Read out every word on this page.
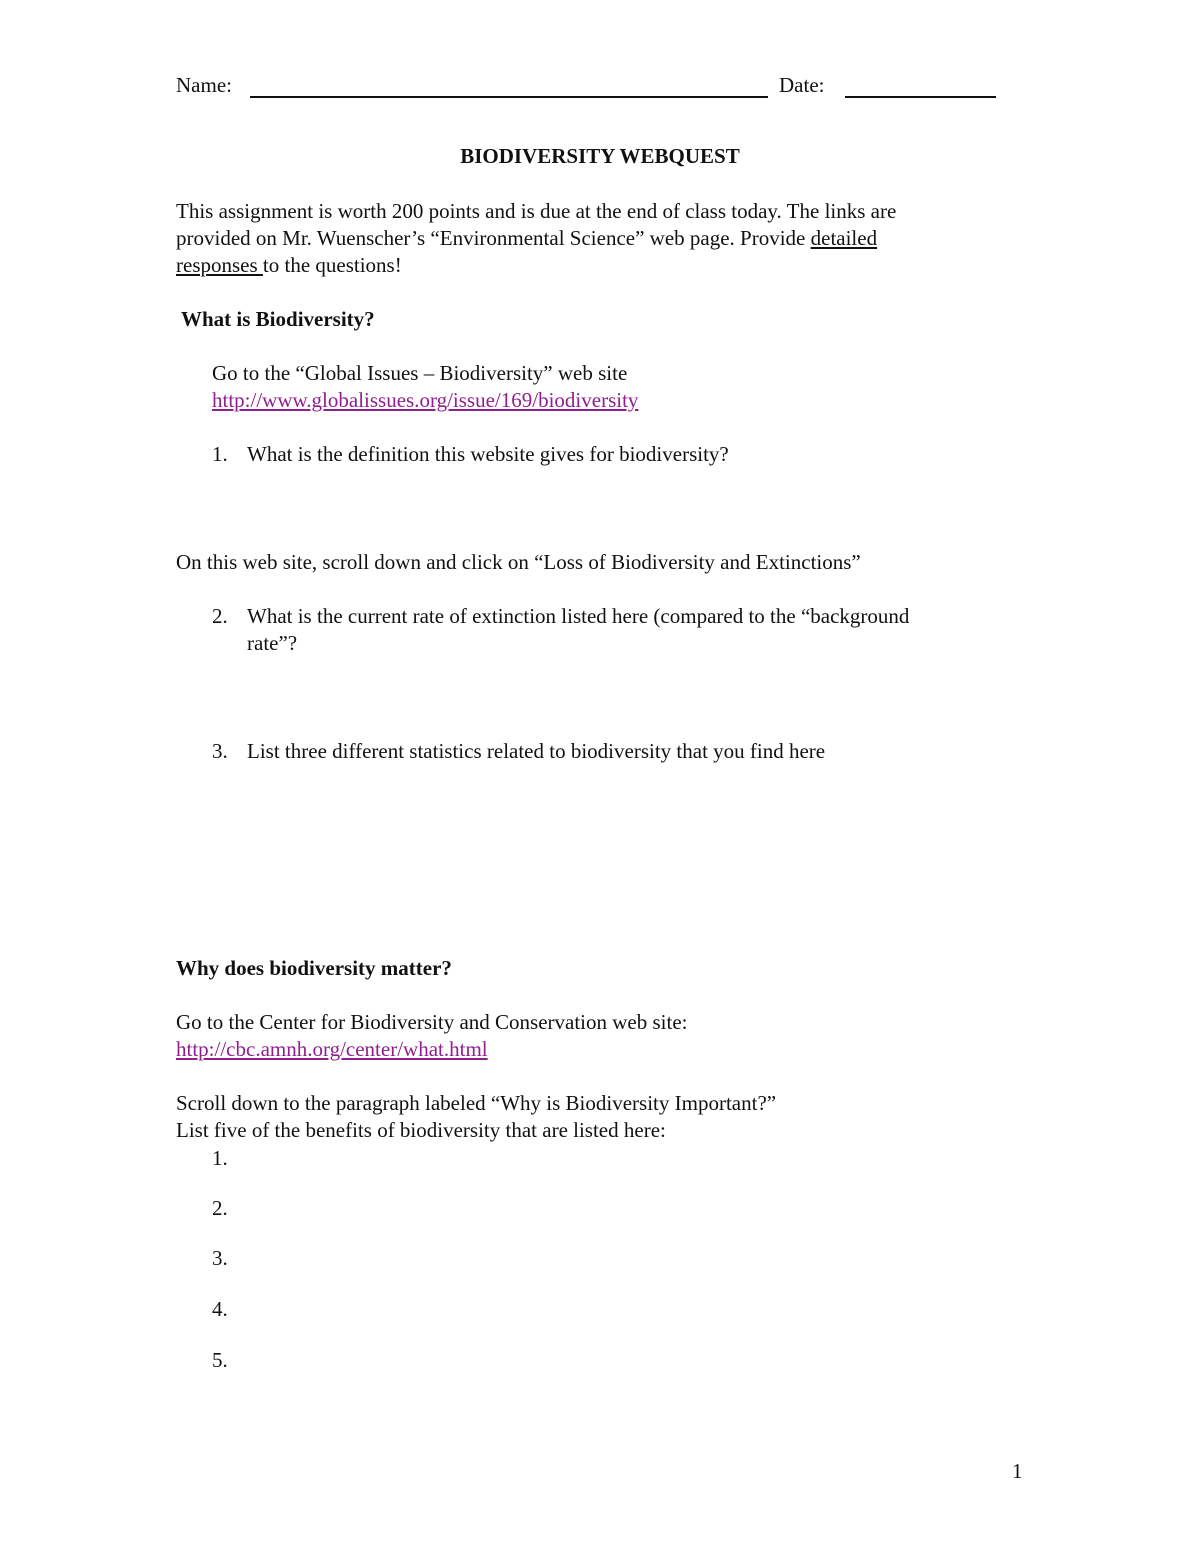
Name:	Date:
BIODIVERSITY WEBQUEST
This assignment is worth 200 points and is due at the end of class today. The links are
provided on Mr. Wuenscher’s “Environmental Science” web page. Provide detailed
responses to the questions!
What is Biodiversity?
Go to the “Global Issues – Biodiversity” web site
http://www.globalissues.org/issue/169/biodiversity
1. What is the definition this website gives for biodiversity?
On this web site, scroll down and click on “Loss of Biodiversity and Extinctions”
2. What is the current rate of extinction listed here (compared to the “background
rate”?
3. List three different statistics related to biodiversity that you find here
Why does biodiversity matter?
Go to the Center for Biodiversity and Conservation web site:
http://cbc.amnh.org/center/what.html
Scroll down to the paragraph labeled “Why is Biodiversity Important?”
List five of the benefits of biodiversity that are listed here:
1.
2.
3.
4.
5.
1
